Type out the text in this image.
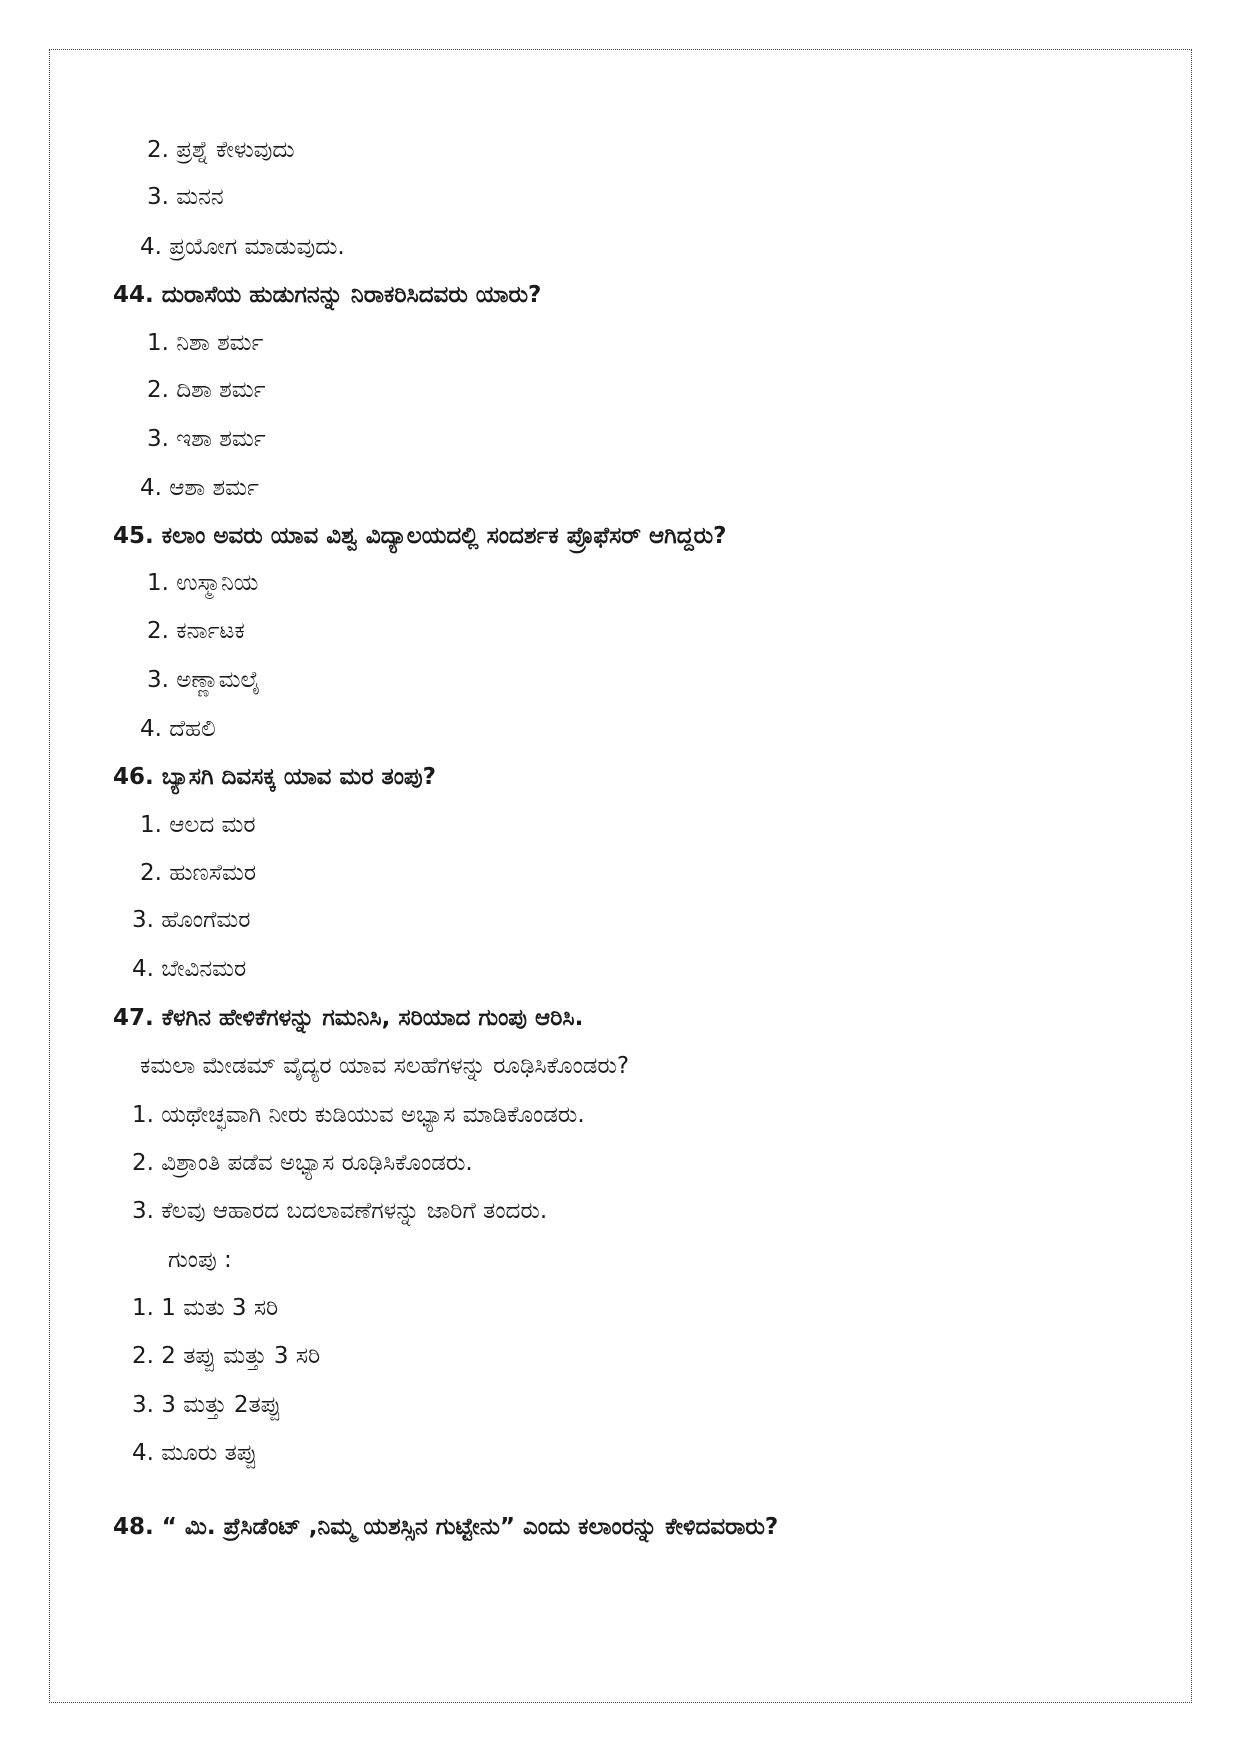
2. ಪ್ರಶ್ನೆ ಕೇಳುವುದು
3. ಮನನ
4. ಪ್ರಯೋಗ ಮಾಡುವುದು.
44. ದುರಾಸೆಯ ಹುಡುಗನನ್ನು ನಿರಾಕರಿಸಿದವರು ಯಾರು?
1. ನಿಶಾ ಶರ್ಮ
2. ದಿಶಾ ಶರ್ಮ
3. ಇಶಾ ಶರ್ಮ
4. ಆಶಾ ಶರ್ಮ
45. ಕಲಾಂ ಅವರು ಯಾವ ವಿಶ್ವ ವಿದ್ಯಾಲಯದಲ್ಲಿ ಸಂದರ್ಶಕ ಪ್ರೊಫೆಸರ್ ಆಗಿದ್ದರು?
1. ಉಸ್ಮಾನಿಯ
2. ಕರ್ನಾಟಕ
3. ಅಣ್ಣಾಮಲೈ
4. ದೆಹಲಿ
46. ಬ್ಯಾಸಗಿ ದಿವಸಕ್ಕ ಯಾವ ಮರ ತಂಪು?
1. ಆಲದ ಮರ
2. ಹುಣಸೆಮರ
3. ಹೊಂಗೆಮರ
4. ಬೇವಿನಮರ
47. ಕೆಳಗಿನ ಹೇಳಿಕೆಗಳನ್ನು ಗಮನಿಸಿ, ಸರಿಯಾದ ಗುಂಪು ಆರಿಸಿ.
ಕಮಲಾ ಮೇಡಮ್ ವೈದ್ಯರ ಯಾವ ಸಲಹೆಗಳನ್ನು ರೂಢಿಸಿಕೊಂಡರು?
1. ಯಥೇಚ್ಛವಾಗಿ ನೀರು ಕುಡಿಯುವ ಅಭ್ಯಾಸ ಮಾಡಿಕೊಂಡರು.
2. ವಿಶ್ರಾಂತಿ ಪಡೆವ ಅಭ್ಯಾಸ ರೂಢಿಸಿಕೊಂಡರು.
3. ಕೆಲವು ಆಹಾರದ ಬದಲಾವಣೆಗಳನ್ನು ಜಾರಿಗೆ ತಂದರು.
ಗುಂಪು :
1. 1 ಮತು 3 ಸರಿ
2. 2 ತಪ್ಪು ಮತ್ತು 3 ಸರಿ
3. 3 ಮತ್ತು 2ತಪ್ಪು
4. ಮೂರು ತಪ್ಪು
48. “ ಮಿ. ಪ್ರೆಸಿಡೆಂಟ್ ,ನಿಮ್ಮ ಯಶಸ್ಸಿನ ಗುಟ್ಟೇನು” ಎಂದು ಕಲಾಂರನ್ನು ಕೇಳಿದವರಾರು?
